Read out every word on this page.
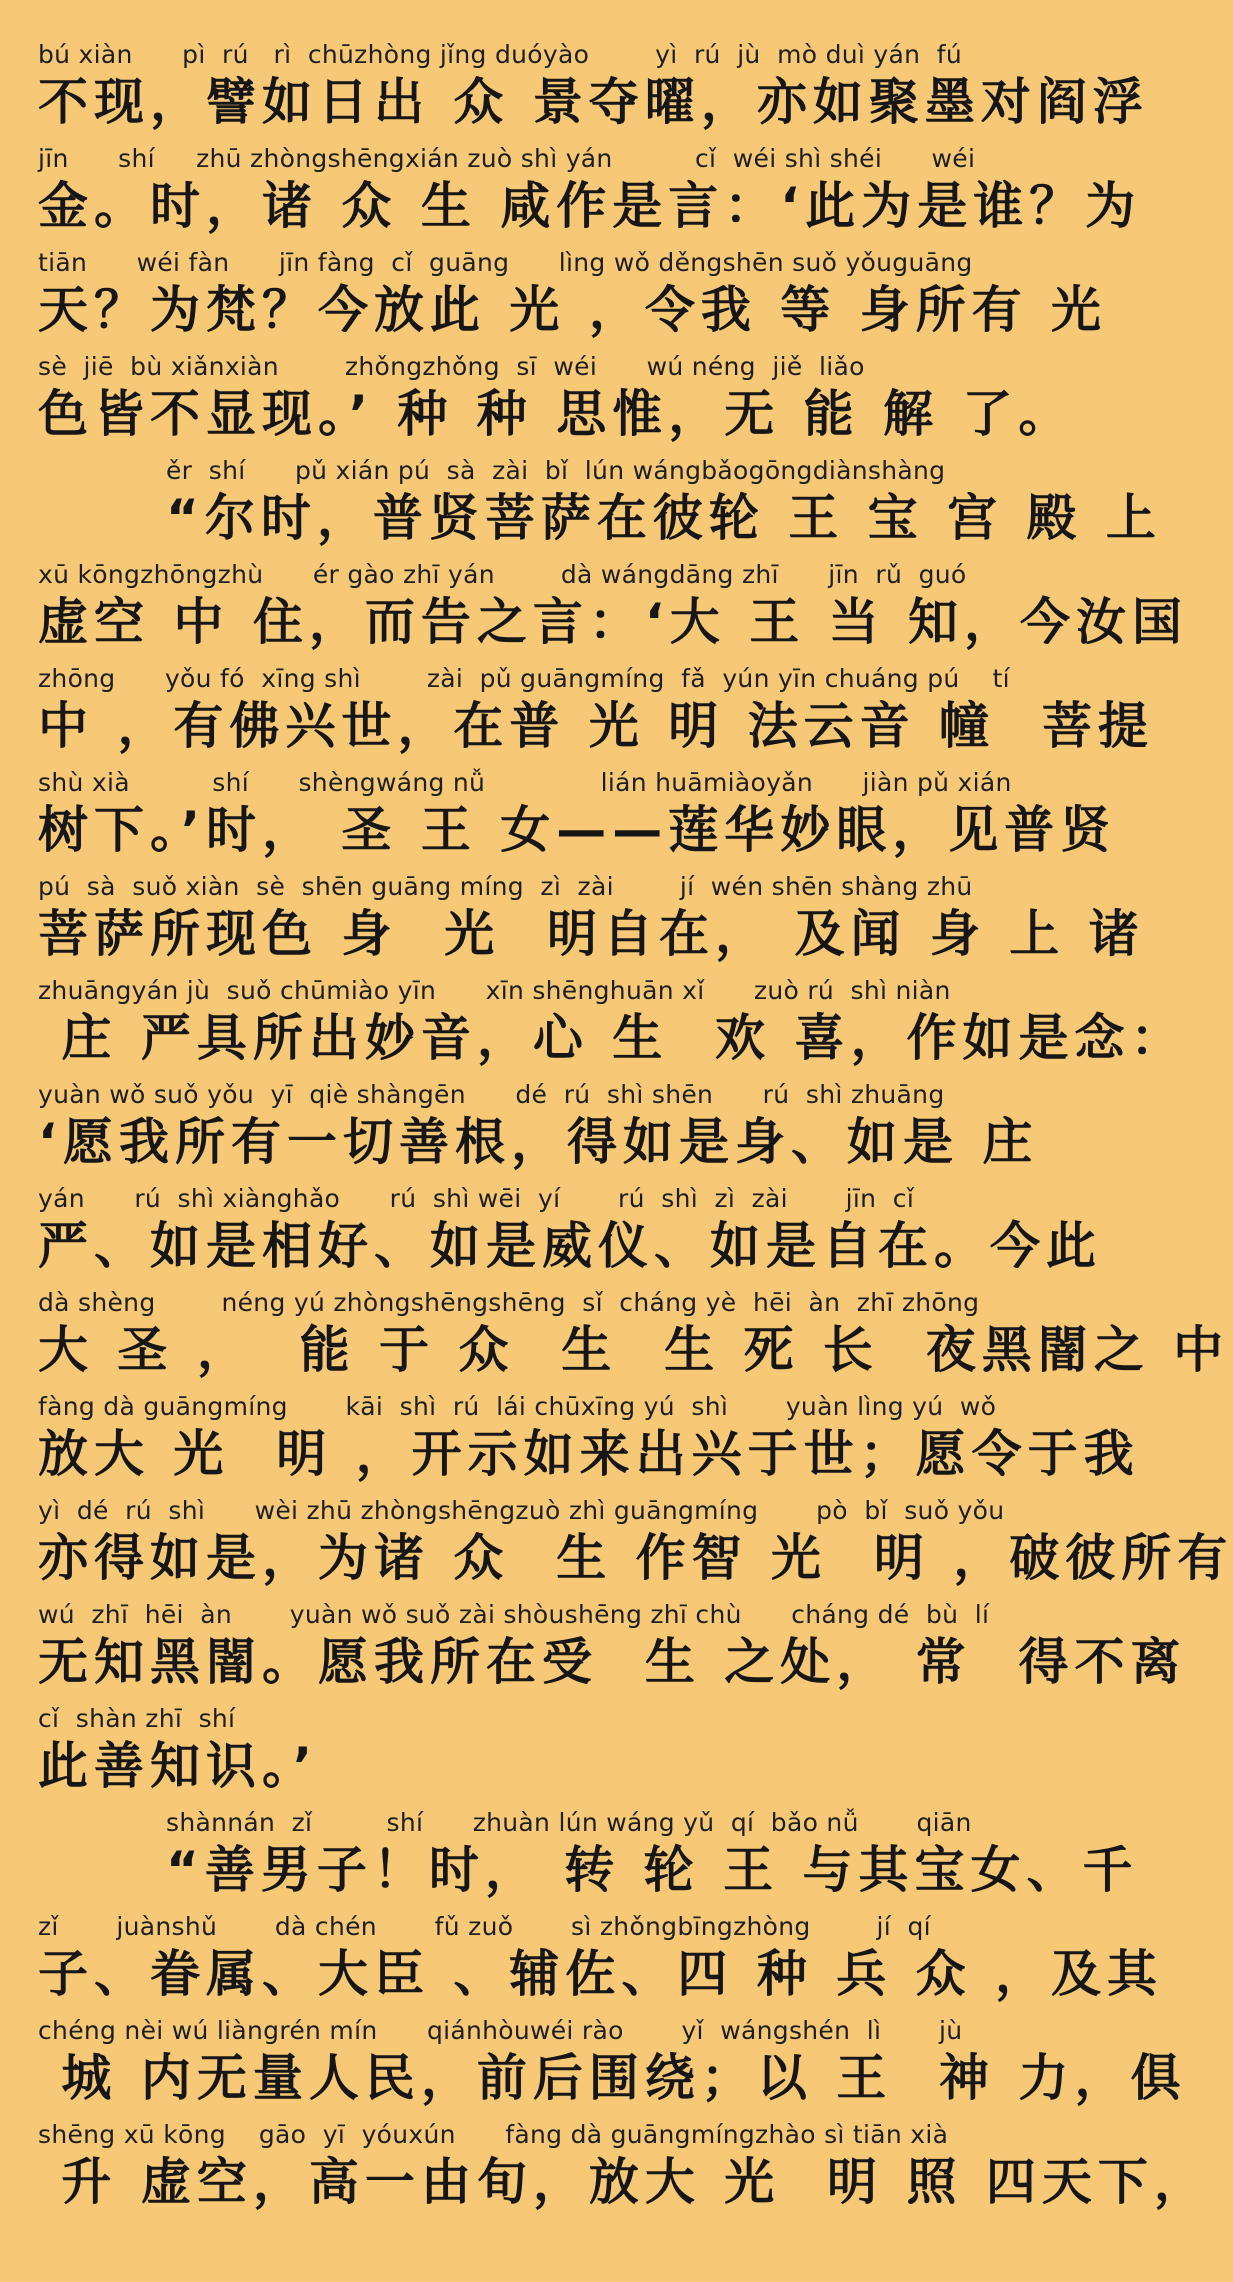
bú xiàn      pì  rú   rì  chūzhòng jǐng duóyào        yì  rú  jù  mò duì yán  fú
不现，譬如日出 众 景夺曜，亦如聚墨对阎浮
jīn      shí     zhū zhòngshēngxián zuò shì yán          cǐ  wéi shì shéi      wéi
金。时，诸 众 生 咸作是言：‘此为是谁？为
tiān      wéi fàn      jīn fàng  cǐ  guāng      lìng wǒ děngshēn suǒ yǒuguāng
天？为梵？今放此 光 ，令我 等 身所有 光
sè  jiē  bù xiǎnxiàn        zhǒngzhǒng  sī  wéi      wú néng  jiě  liǎo
色皆不显现。’ 种 种 思惟，无 能 解 了。
ěr  shí      pǔ xián pú  sà  zài  bǐ  lún wángbǎogōngdiànshàng
“尔时，普贤菩萨在彼轮 王 宝 宫 殿 上
xū kōngzhōngzhù      ér gào zhī yán        dà wángdāng zhī      jīn  rǔ  guó
虚空 中 住，而告之言：‘大 王 当 知，今汝国
zhōng      yǒu fó  xīng shì        zài  pǔ guāngmíng  fǎ  yún yīn chuáng pú    tí
中 ，有佛兴世，在普 光 明 法云音 幢  菩提
shù xià          shí      shèngwáng nǚ              lián huāmiàoyǎn      jiàn pǔ xián
树下。’时， 圣 王 女——莲华妙眼，见普贤
pú  sà  suǒ xiàn  sè  shēn guāng míng  zì  zài        jí  wén shēn shàng zhū
菩萨所现色 身  光  明自在， 及闻 身 上 诸
zhuāngyán jù  suǒ chūmiào yīn      xīn shēnghuān xǐ      zuò rú  shì niàn
庄 严具所出妙音，心 生  欢 喜，作如是念：
yuàn wǒ suǒ yǒu  yī  qiè shàngēn      dé  rú  shì shēn      rú  shì zhuāng
‘愿我所有一切善根，得如是身、如是 庄
yán      rú  shì xiànghǎo      rú  shì wēi  yí       rú  shì  zì  zài       jīn  cǐ
严、如是相好、如是威仪、如是自在。今此
dà shèng        néng yú zhòngshēngshēng  sǐ  cháng yè  hēi  àn  zhī zhōng
大 圣 ，  能 于 众  生  生 死 长  夜黑闇之 中
fàng dà guāngmíng       kāi  shì  rú  lái chūxīng yú  shì       yuàn lìng yú  wǒ
放大 光  明 ，开示如来出兴于世；愿令于我
yì  dé  rú  shì      wèi zhū zhòngshēngzuò zhì guāngmíng       pò  bǐ  suǒ yǒu
亦得如是，为诸 众  生 作智 光  明 ，破彼所有
wú  zhī  hēi  àn       yuàn wǒ suǒ zài shòushēng zhī chù      cháng dé  bù  lí
无知黑闇。愿我所在受  生 之处， 常  得不离
cǐ  shàn zhī  shí
此善知识。’
shànnán  zǐ         shí      zhuàn lún wáng yǔ  qí  bǎo nǚ       qiān
“善男子！时， 转 轮 王 与其宝女、千
zǐ       juànshǔ       dà chén       fǔ zuǒ       sì zhǒngbīngzhòng        jí  qí
子、眷属、大臣 、辅佐、四 种 兵 众 ，及其
chéng nèi wú liàngrén mín      qiánhòuwéi rào       yǐ  wángshén  lì       jù
城 内无量人民，前后围绕；以 王  神 力，俱
shēng xū kōng    gāo  yī  yóuxún      fàng dà guāngmíngzhào sì tiān xià
升 虚空，高一由旬，放大 光  明 照 四天下，
